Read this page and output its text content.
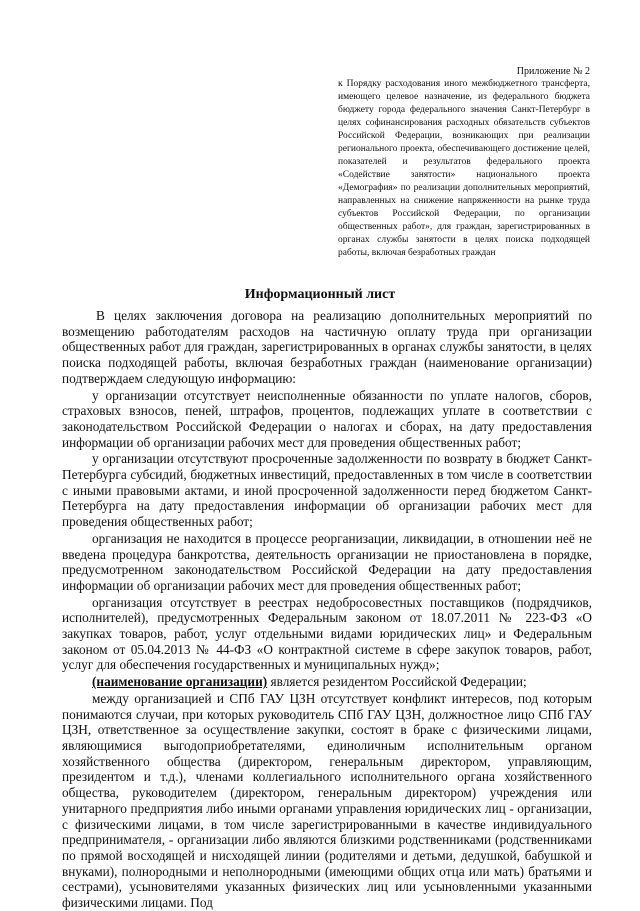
Приложение № 2
к Порядку расходования иного межбюджетного трансферта, имеющего целевое назначение, из федерального бюджета бюджету города федерального значения Санкт-Петербург в целях софинансирования расходных обязательств субъектов Российской Федерации, возникающих при реализации регионального проекта, обеспечивающего достижение целей, показателей и результатов федерального проекта «Содействие занятости» национального проекта «Демография» по реализации дополнительных мероприятий, направленных на снижение напряженности на рынке труда субъектов Российской Федерации, по организации общественных работ», для граждан, зарегистрированных в органах службы занятости в целях поиска подходящей работы, включая безработных граждан
Информационный лист

В целях заключения договора на реализацию дополнительных мероприятий по возмещению работодателям расходов на частичную оплату труда при организации общественных работ для граждан, зарегистрированных в органах службы занятости, в целях поиска подходящей работы, включая безработных граждан (наименование организации) подтверждаем следующую информацию:

у организации отсутствует неисполненные обязанности по уплате налогов, сборов, страховых взносов, пеней, штрафов, процентов, подлежащих уплате в соответствии с законодательством Российской Федерации о налогах и сборах, на дату предоставления информации об организации рабочих мест для проведения общественных работ;

у организации отсутствуют просроченные задолженности по возврату в бюджет Санкт-Петербурга субсидий, бюджетных инвестиций, предоставленных в том числе в соответствии с иными правовыми актами, и иной просроченной задолженности перед бюджетом Санкт-Петербурга на дату предоставления информации об организации рабочих мест для проведения общественных работ;

организация не находится в процессе реорганизации, ликвидации, в отношении неё не введена процедура банкротства, деятельность организации не приостановлена в порядке, предусмотренном законодательством Российской Федерации на дату предоставления информации об организации рабочих мест для проведения общественных работ;

организация отсутствует в реестрах недобросовестных поставщиков (подрядчиков, исполнителей), предусмотренных Федеральным законом от 18.07.2011 № 223-ФЗ «О закупках товаров, работ, услуг отдельными видами юридических лиц» и Федеральным законом от 05.04.2013 № 44-ФЗ «О контрактной системе в сфере закупок товаров, работ, услуг для обеспечения государственных и муниципальных нужд»;

(наименование организации) является резидентом Российской Федерации;

между организацией и СПб ГАУ ЦЗН отсутствует конфликт интересов, под которым понимаются случаи, при которых руководитель СПб ГАУ ЦЗН, должностное лицо СПб ГАУ ЦЗН, ответственное за осуществление закупки, состоят в браке с физическими лицами, являющимися выгодоприобретателями, единоличным исполнительным органом хозяйственного общества (директором, генеральным директором, управляющим, президентом и т.д.), членами коллегиального исполнительного органа хозяйственного общества, руководителем (директором, генеральным директором) учреждения или унитарного предприятия либо иными органами управления юридических лиц - организации, с физическими лицами, в том числе зарегистрированными в качестве индивидуального предпринимателя, - организации либо являются близкими родственниками (родственниками по прямой восходящей и нисходящей линии (родителями и детьми, дедушкой, бабушкой и внуками), полнородными и неполнородными (имеющими общих отца или мать) братьями и сестрами), усыновителями указанных физических лиц или усыновленными указанными физическими лицами. Под
